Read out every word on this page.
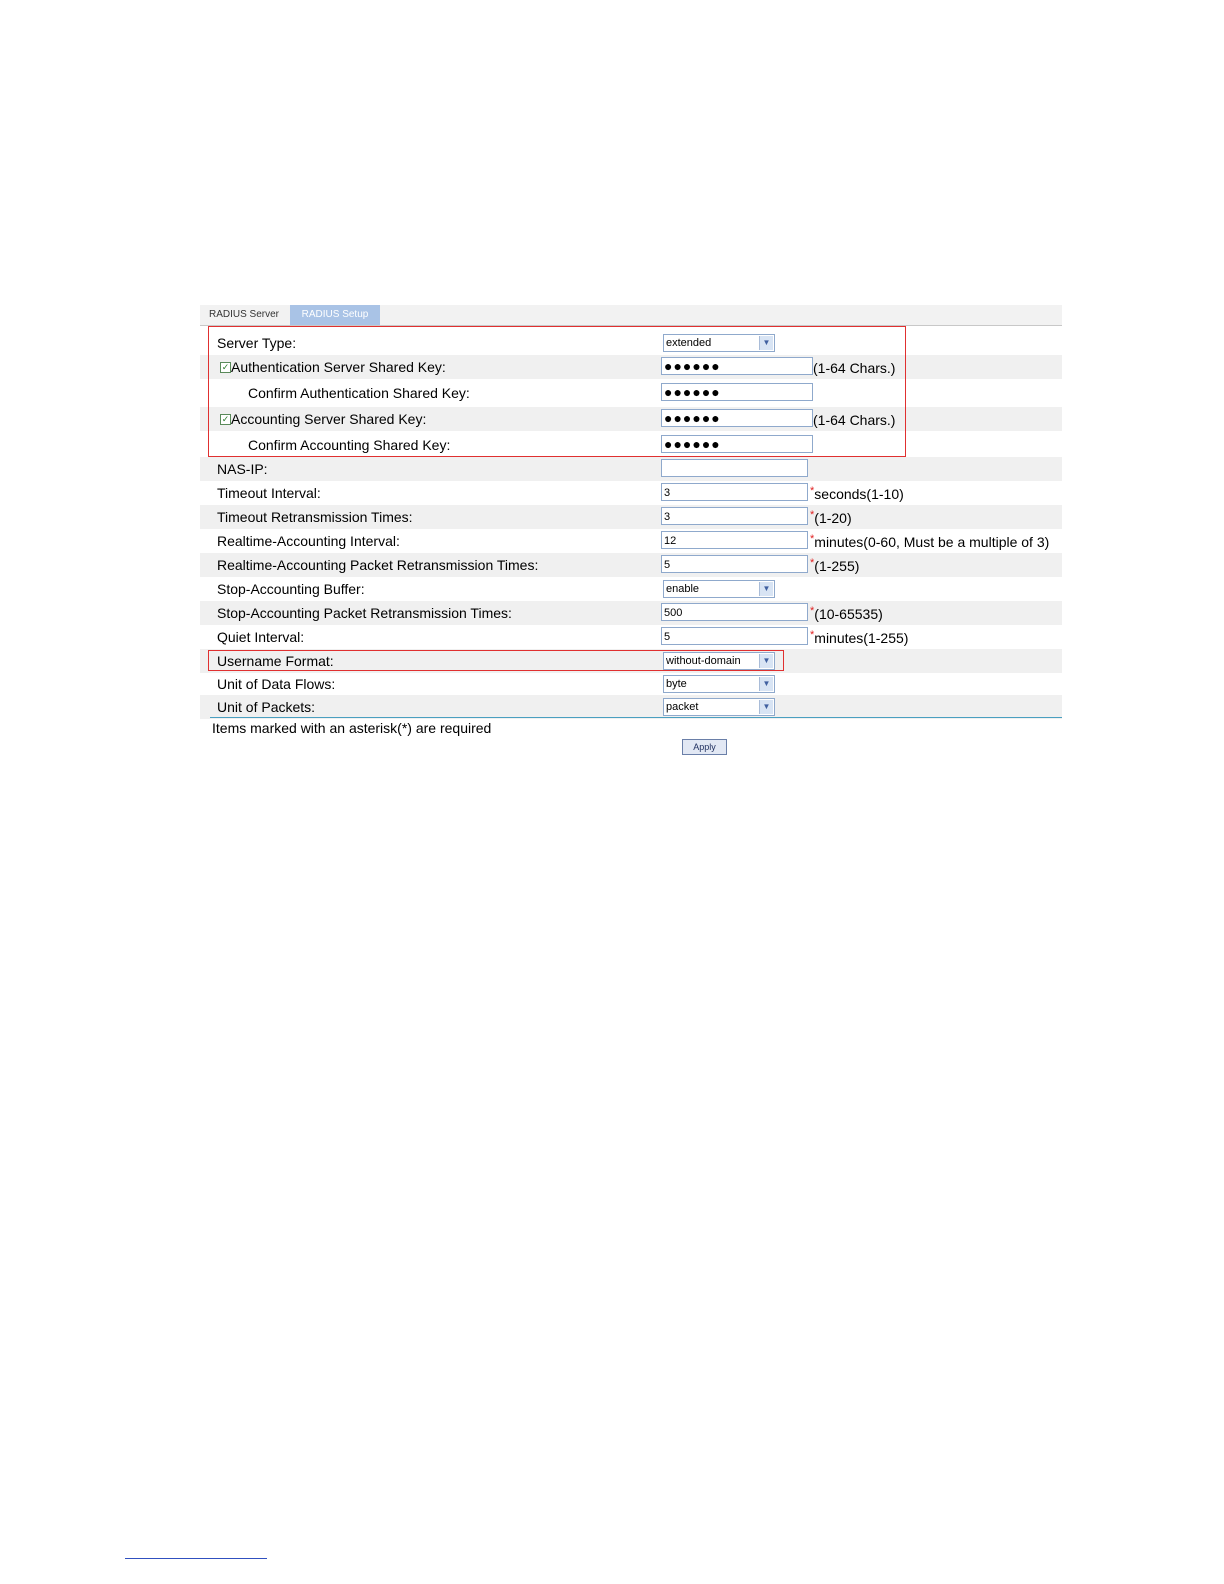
RADIUS Server	RADIUS Setup
Server Type:	extended	▼
✓ Authentication Server Shared Key:	●●●●●●	(1-64 Chars.)
Confirm Authentication Shared Key:	●●●●●●
✓ Accounting Server Shared Key:	●●●●●●	(1-64 Chars.)
Confirm Accounting Shared Key:	●●●●●●
NAS-IP:
Timeout Interval:	3	*seconds(1-10)
Timeout Retransmission Times:	3	*(1-20)
Realtime-Accounting Interval:	12	*minutes(0-60, Must be a multiple of 3)
Realtime-Accounting Packet Retransmission Times:	5	*(1-255)
Stop-Accounting Buffer:	enable	▼
Stop-Accounting Packet Retransmission Times:	500	*(10-65535)
Quiet Interval:	5	*minutes(1-255)
Username Format:	without-domain	▼
Unit of Data Flows:	byte	▼
Unit of Packets:	packet	▼
Items marked with an asterisk(*) are required
Apply
